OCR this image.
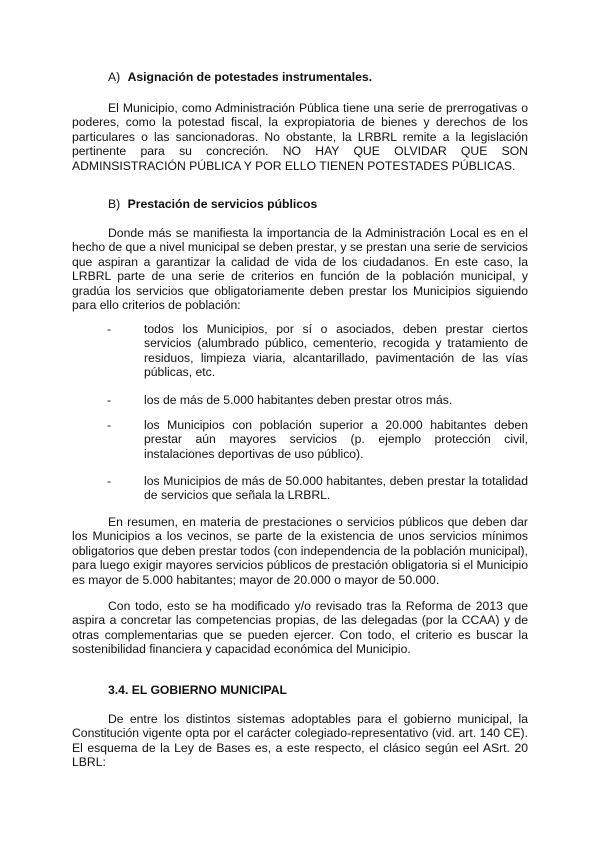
A) Asignación de potestades instrumentales.

El Municipio, como Administración Pública tiene una serie de prerrogativas o poderes, como la potestad fiscal, la expropiatoria de bienes y derechos de los particulares o las sancionadoras. No obstante, la LRBRL remite a la legislación pertinente para su concreción. NO HAY QUE OLVIDAR QUE SON ADMINSISTRACIÓN PÚBLICA Y POR ELLO TIENEN POTESTADES PÚBLICAS.

B) Prestación de servicios públicos

Donde más se manifiesta la importancia de la Administración Local es en el hecho de que a nivel municipal se deben prestar, y se prestan una serie de servicios que aspiran a garantizar la calidad de vida de los ciudadanos. En este caso, la LRBRL parte de una serie de criterios en función de la población municipal, y gradúa los servicios que obligatoriamente deben prestar los Municipios siguiendo para ello criterios de población:

-	todos los Municipios, por sí o asociados, deben prestar ciertos servicios (alumbrado público, cementerio, recogida y tratamiento de residuos, limpieza viaria, alcantarillado, pavimentación de las vías públicas, etc.
-	los de más de 5.000 habitantes deben prestar otros más.
-	los Municipios con población superior a 20.000 habitantes deben prestar aún mayores servicios (p. ejemplo protección civil, instalaciones deportivas de uso público).
-	los Municipios de más de 50.000 habitantes, deben prestar la totalidad de servicios que señala la LRBRL.

En resumen, en materia de prestaciones o servicios públicos que deben dar los Municipios a los vecinos, se parte de la existencia de unos servicios mínimos obligatorios que deben prestar todos (con independencia de la población municipal), para luego exigir mayores servicios públicos de prestación obligatoria si el Municipio es mayor de 5.000 habitantes; mayor de 20.000 o mayor de 50.000.

Con todo, esto se ha modificado y/o revisado tras la Reforma de 2013 que aspira a concretar las competencias propias, de las delegadas (por la CCAA) y de otras complementarias que se pueden ejercer. Con todo, el criterio es buscar la sostenibilidad financiera y capacidad económica del Municipio.

3.4. EL GOBIERNO MUNICIPAL

De entre los distintos sistemas adoptables para el gobierno municipal, la Constitución vigente opta por el carácter colegiado-representativo (vid. art. 140 CE). El esquema de la Ley de Bases es, a este respecto, el clásico según eel ASrt. 20 LBRL:
